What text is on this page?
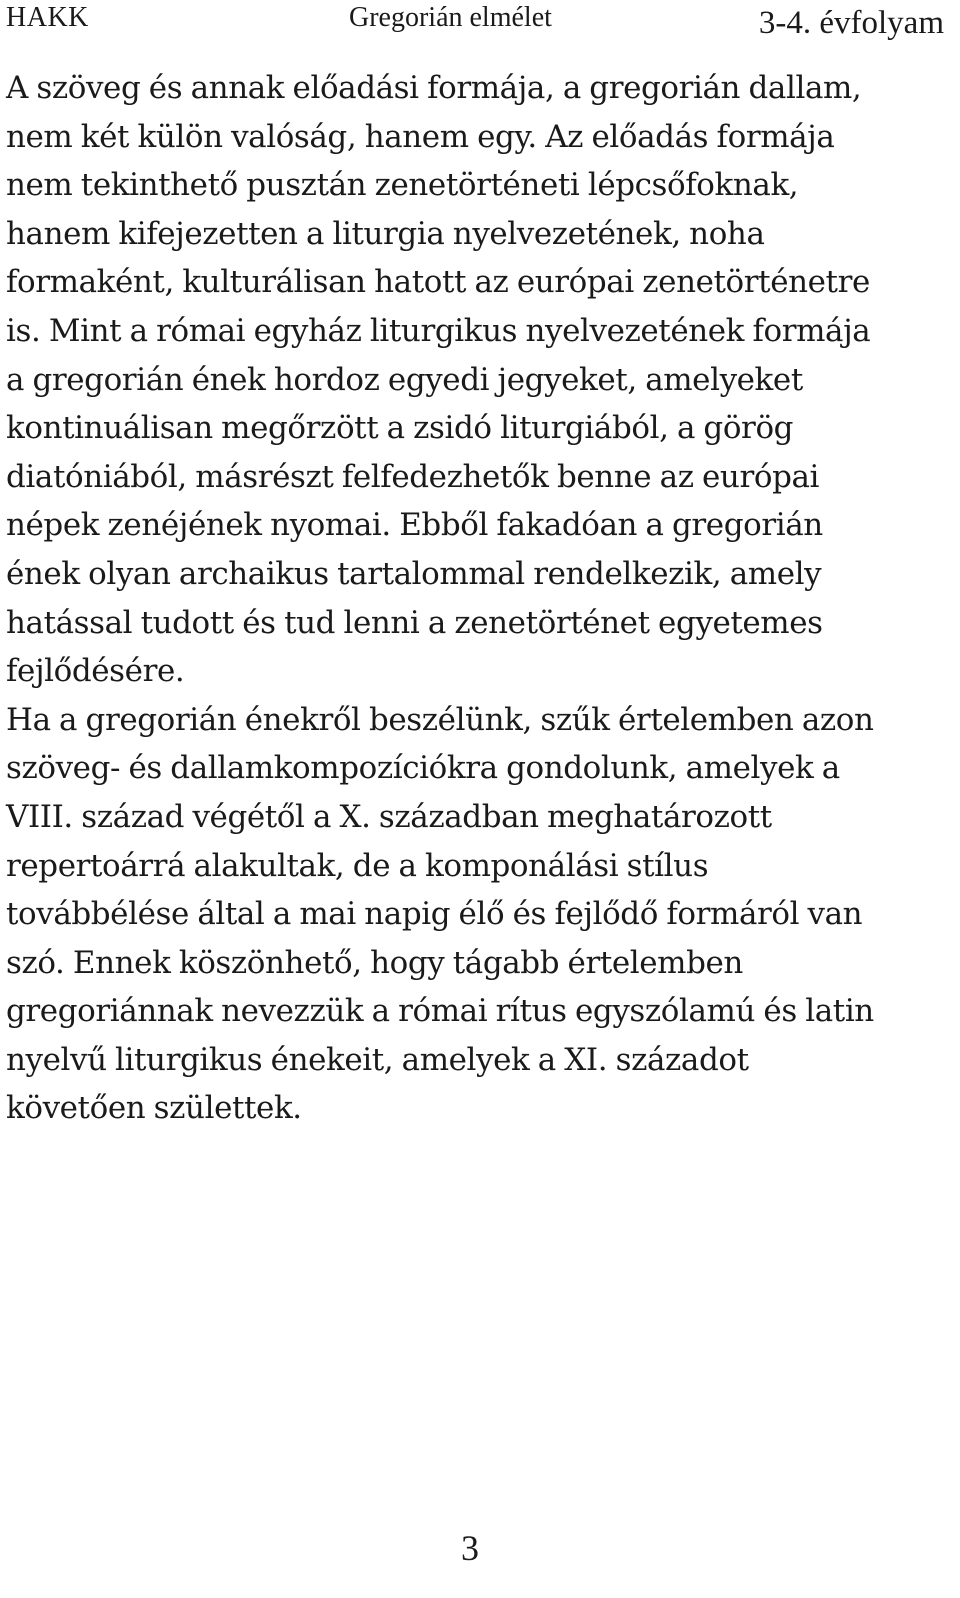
HAKK	Gregorián elmélet	3-4. évfolyam
A szöveg és annak előadási formája, a gregorián dallam,
nem két külön valóság, hanem egy. Az előadás formája
nem tekinthető pusztán zenetörténeti lépcsőfoknak,
hanem kifejezetten a liturgia nyelvezetének, noha
formaként, kulturálisan hatott az európai zenetörténetre
is. Mint a római egyház liturgikus nyelvezetének formája
a gregorián ének hordoz egyedi jegyeket, amelyeket
kontinuálisan megőrzött a zsidó liturgiából, a görög
diatóniából, másrészt felfedezhetők benne az európai
népek zenéjének nyomai. Ebből fakadóan a gregorián
ének olyan archaikus tartalommal rendelkezik, amely
hatással tudott és tud lenni a zenetörténet egyetemes
fejlődésére.
Ha a gregorián énekről beszélünk, szűk értelemben azon
szöveg- és dallamkompozíciókra gondolunk, amelyek a
VIII. század végétől a X. században meghatározott
repertoárrá alakultak, de a komponálási stílus
továbbélése által a mai napig élő és fejlődő formáról van
szó. Ennek köszönhető, hogy tágabb értelemben
gregoriánnak nevezzük a római rítus egyszólamú és latin
nyelvű liturgikus énekeit, amelyek a XI. századot
követően születtek.
3
